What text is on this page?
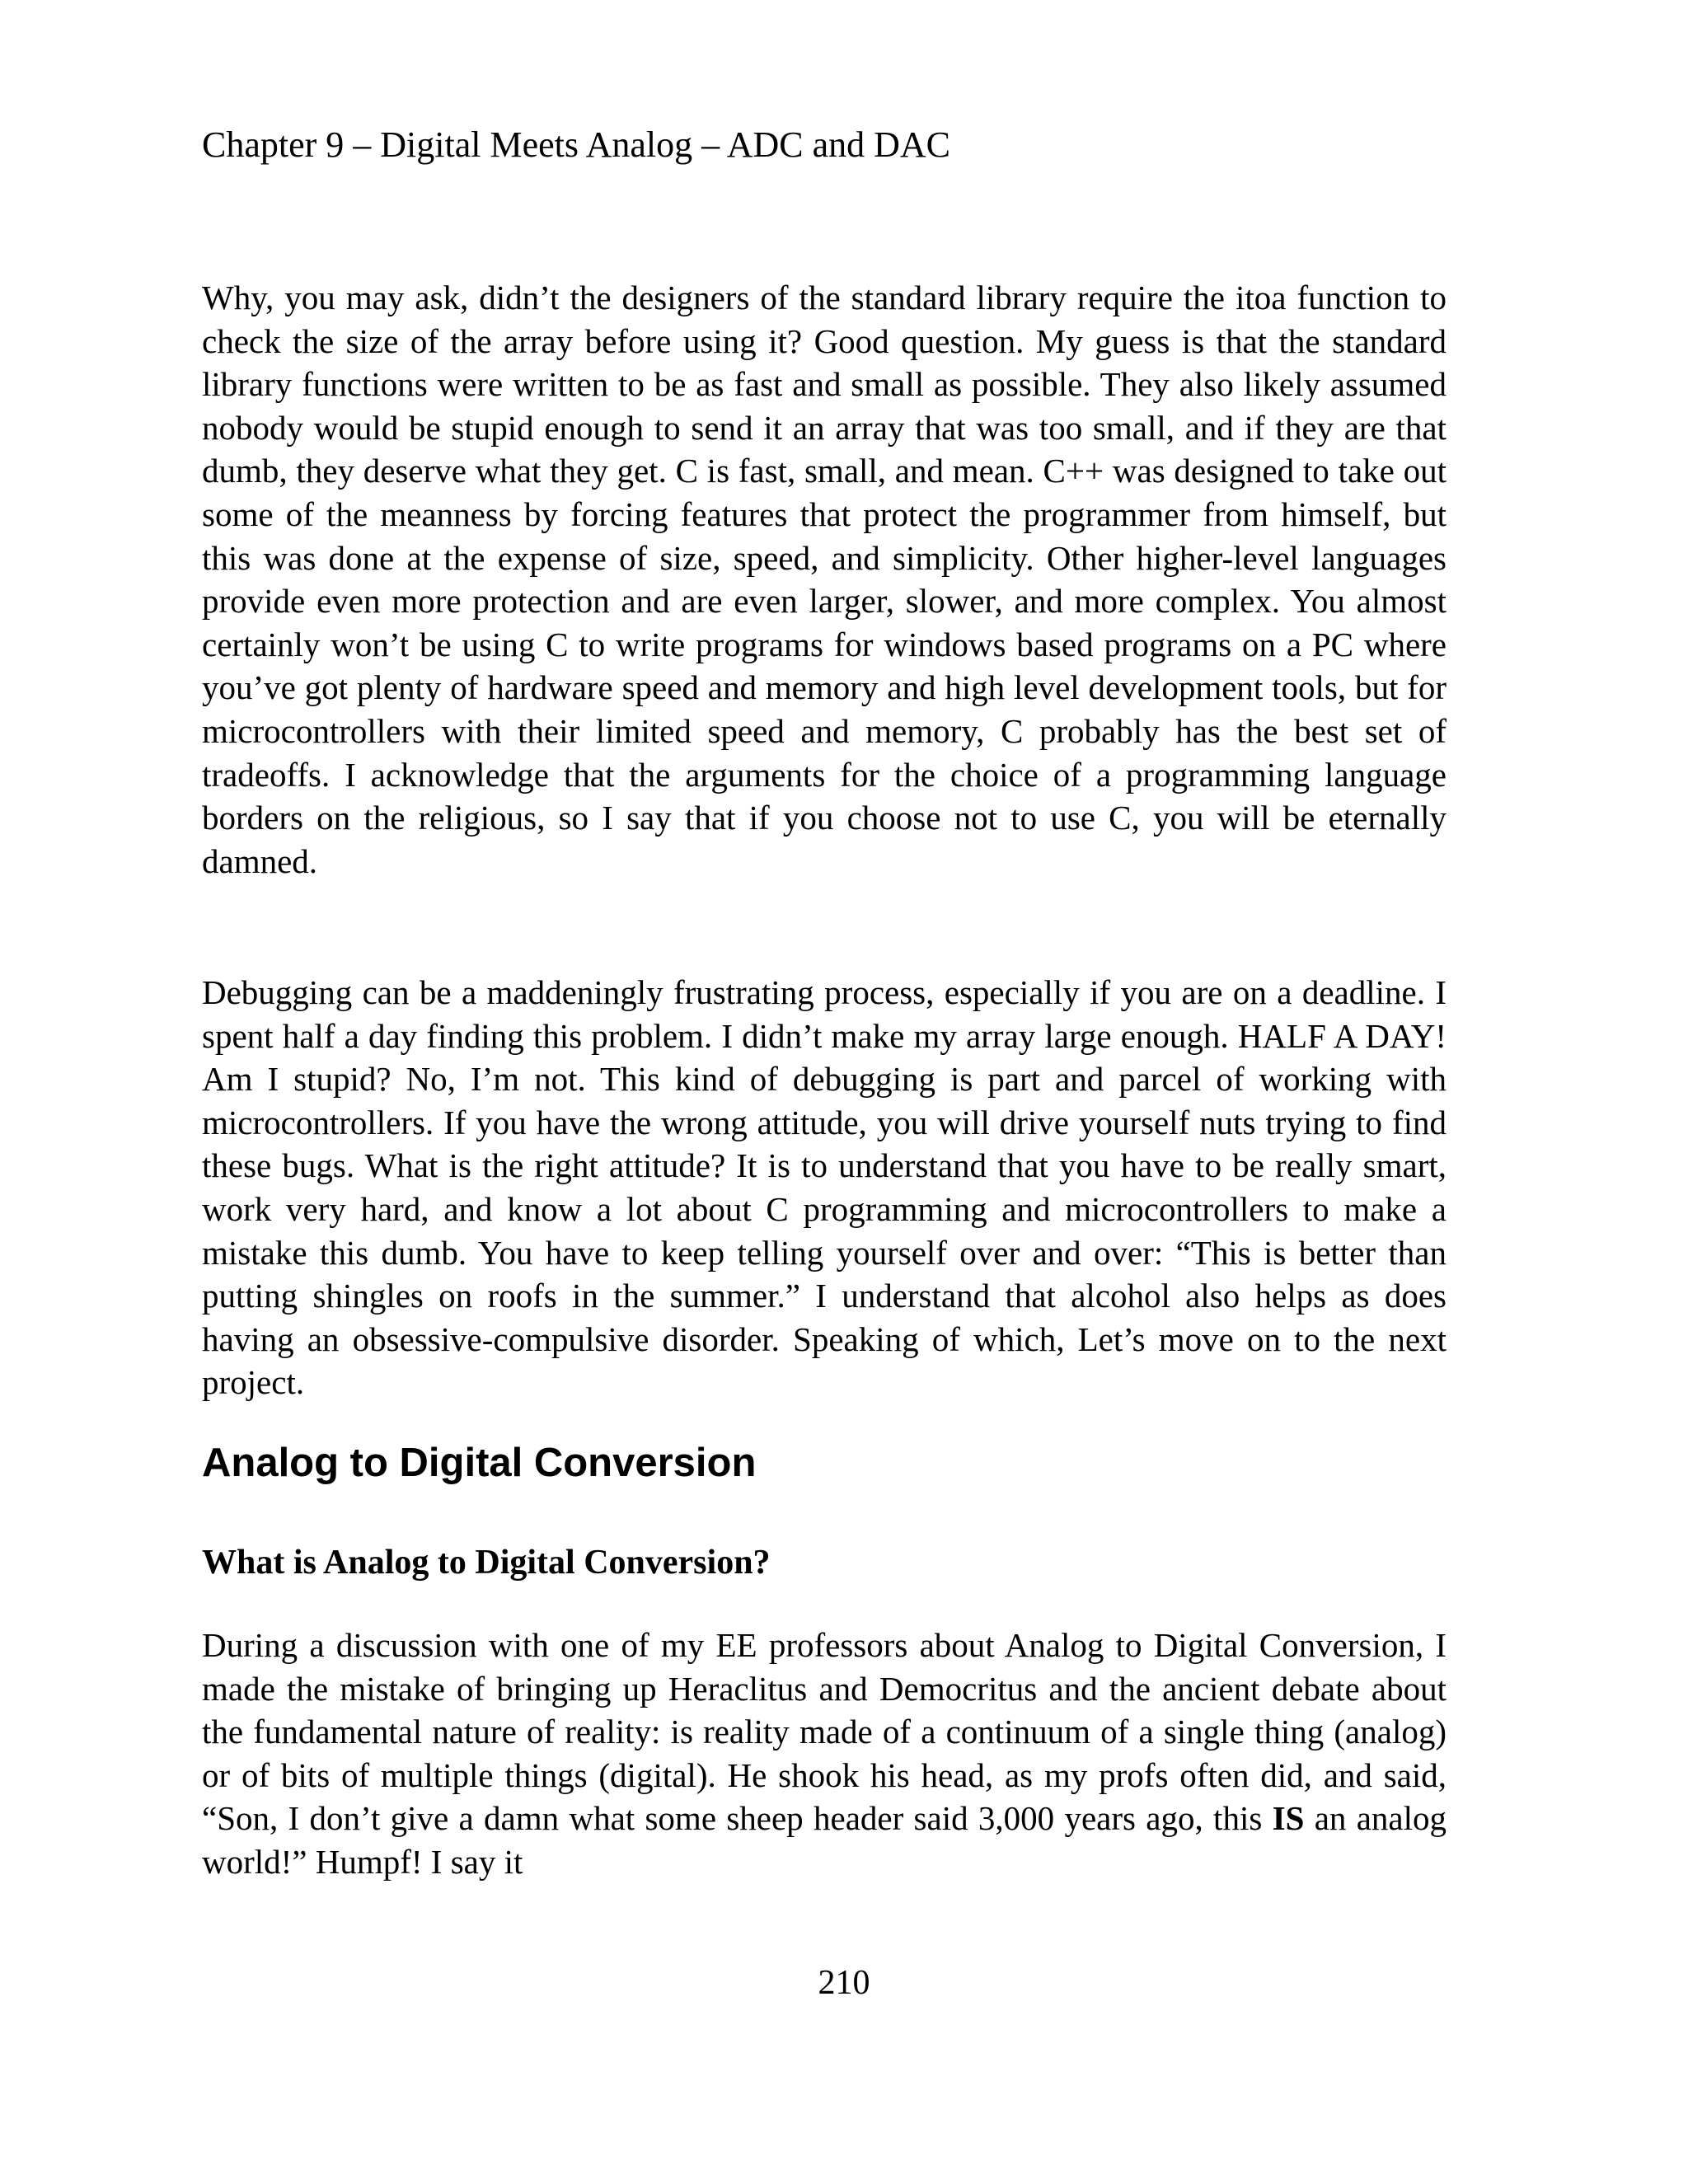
Chapter 9 – Digital Meets Analog – ADC and DAC

Why, you may ask, didn’t the designers of the standard library require the itoa function to check the size of the array before using it? Good question. My guess is that the standard library functions were written to be as fast and small as possible. They also likely assumed nobody would be stupid enough to send it an array that was too small, and if they are that dumb, they deserve what they get. C is fast, small, and mean. C++ was designed to take out some of the meanness by forcing features that protect the programmer from himself, but this was done at the expense of size, speed, and simplicity. Other higher-level languages provide even more protection and are even larger, slower, and more complex. You almost certainly won’t be using C to write programs for windows based programs on a PC where you’ve got plenty of hardware speed and memory and high level development tools, but for microcontrollers with their limited speed and memory, C probably has the best set of tradeoffs. I acknowledge that the arguments for the choice of a programming language borders on the religious, so I say that if you choose not to use C, you will be eternally damned.

Debugging can be a maddeningly frustrating process, especially if you are on a deadline. I spent half a day finding this problem. I didn’t make my array large enough. HALF A DAY! Am I stupid? No, I’m not. This kind of debugging is part and parcel of working with microcontrollers. If you have the wrong attitude, you will drive yourself nuts trying to find these bugs. What is the right attitude? It is to understand that you have to be really smart, work very hard, and know a lot about C programming and microcontrollers to make a mistake this dumb. You have to keep telling yourself over and over: “This is better than putting shingles on roofs in the summer.” I understand that alcohol also helps as does having an obsessive-compulsive disorder. Speaking of which, Let’s move on to the next project.

Analog to Digital Conversion
What is Analog to Digital Conversion?

During a discussion with one of my EE professors about Analog to Digital Conversion, I made the mistake of bringing up Heraclitus and Democritus and the ancient debate about the fundamental nature of reality: is reality made of a continuum of a single thing (analog) or of bits of multiple things (digital). He shook his head, as my profs often did, and said, “Son, I don’t give a damn what some sheep header said 3,000 years ago, this IS an analog world!” Humpf! I say it

210
